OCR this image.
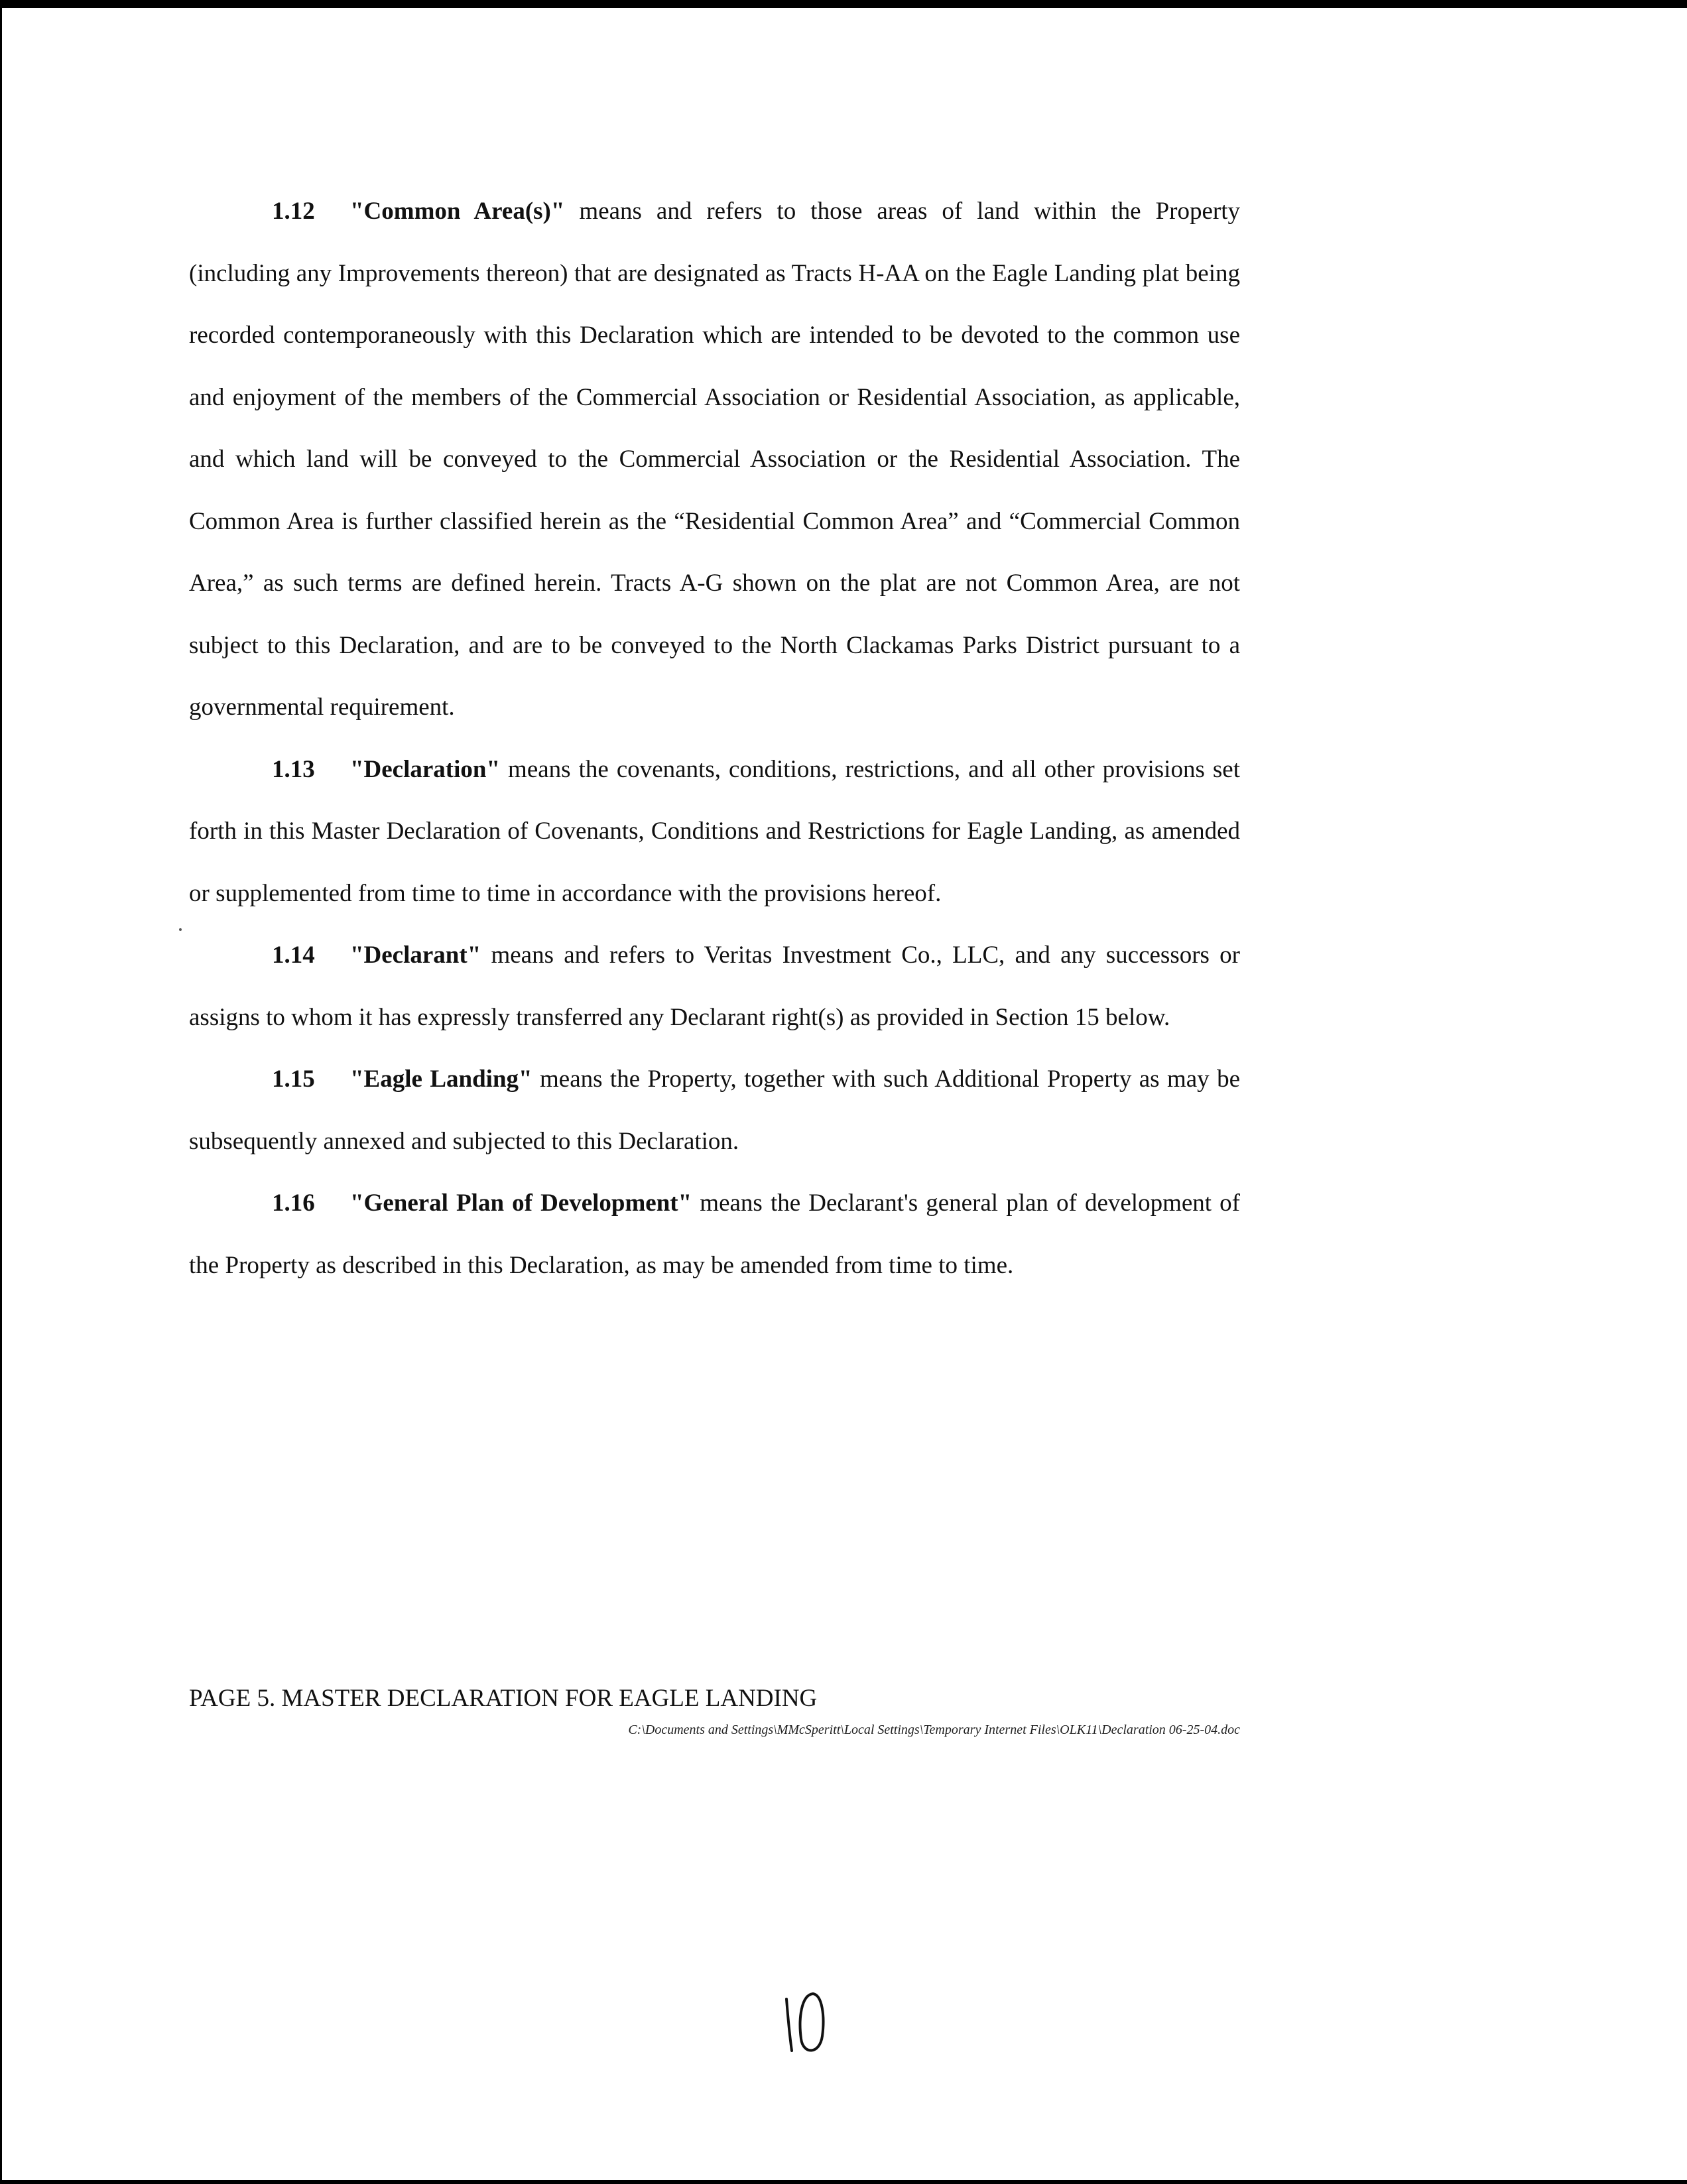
1.12 "Common Area(s)" means and refers to those areas of land within the Property (including any Improvements thereon) that are designated as Tracts H-AA on the Eagle Landing plat being recorded contemporaneously with this Declaration which are intended to be devoted to the common use and enjoyment of the members of the Commercial Association or Residential Association, as applicable, and which land will be conveyed to the Commercial Association or the Residential Association. The Common Area is further classified herein as the “Residential Common Area” and “Commercial Common Area,” as such terms are defined herein. Tracts A-G shown on the plat are not Common Area, are not subject to this Declaration, and are to be conveyed to the North Clackamas Parks District pursuant to a governmental requirement.

1.13 "Declaration" means the covenants, conditions, restrictions, and all other provisions set forth in this Master Declaration of Covenants, Conditions and Restrictions for Eagle Landing, as amended or supplemented from time to time in accordance with the provisions hereof.

1.14 "Declarant" means and refers to Veritas Investment Co., LLC, and any successors or assigns to whom it has expressly transferred any Declarant right(s) as provided in Section 15 below.

1.15 "Eagle Landing" means the Property, together with such Additional Property as may be subsequently annexed and subjected to this Declaration.

1.16 "General Plan of Development" means the Declarant's general plan of development of the Property as described in this Declaration, as may be amended from time to time.

PAGE 5. MASTER DECLARATION FOR EAGLE LANDING
C:\Documents and Settings\MMcSperitt\Local Settings\Temporary Internet Files\OLK11\Declaration 06-25-04.doc
